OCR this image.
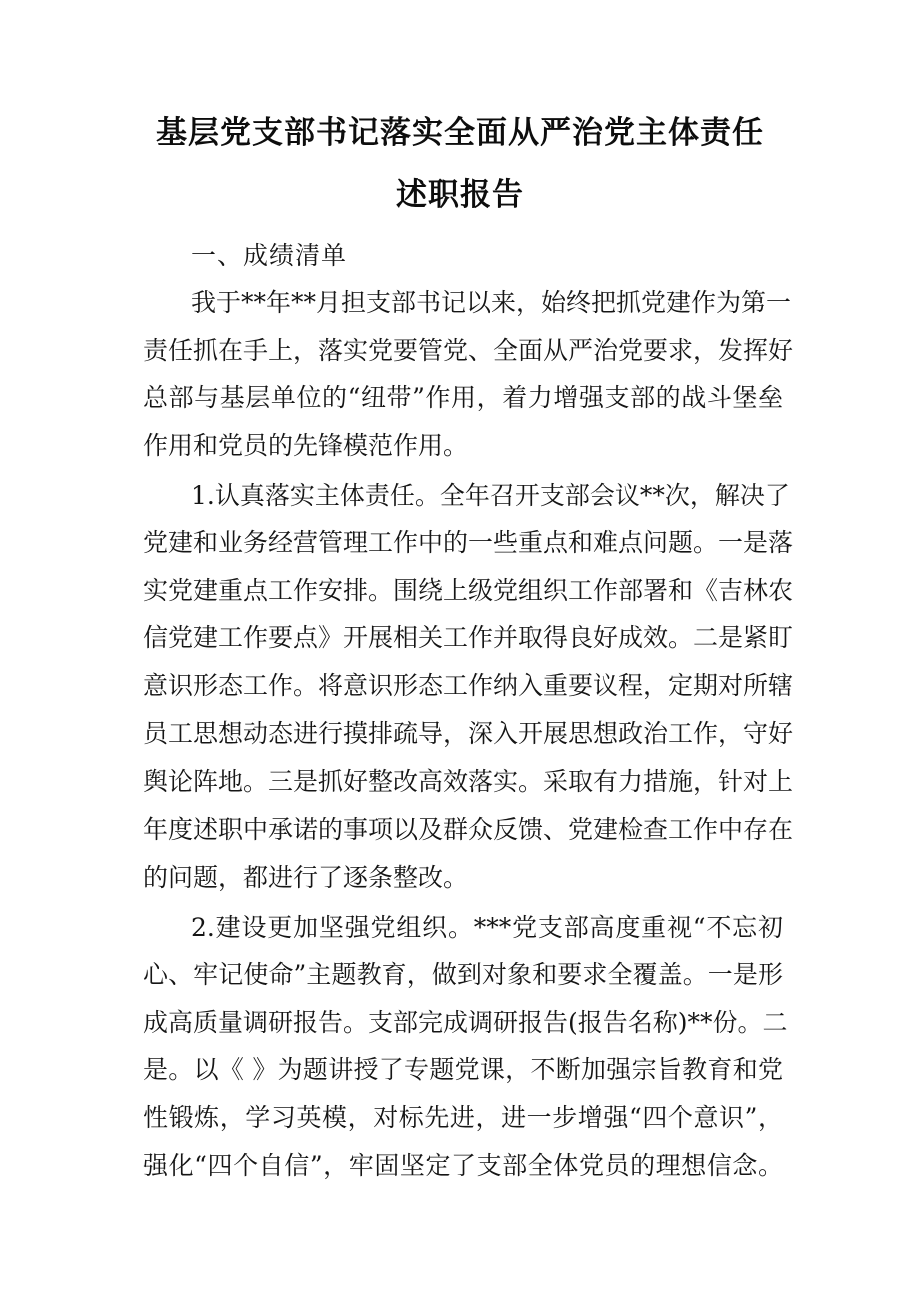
基层党支部书记落实全面从严治党主体责任
述职报告
一、成绩清单
我于**年**月担支部书记以来，始终把抓党建作为第一
责任抓在手上，落实党要管党、全面从严治党要求，发挥好
总部与基层单位的“纽带”作用，着力增强支部的战斗堡垒
作用和党员的先锋模范作用。
1.认真落实主体责任。全年召开支部会议**次，解决了
党建和业务经营管理工作中的一些重点和难点问题。一是落
实党建重点工作安排。围绕上级党组织工作部署和《吉林农
信党建工作要点》开展相关工作并取得良好成效。二是紧盯
意识形态工作。将意识形态工作纳入重要议程，定期对所辖
员工思想动态进行摸排疏导，深入开展思想政治工作，守好
舆论阵地。三是抓好整改高效落实。采取有力措施，针对上
年度述职中承诺的事项以及群众反馈、党建检查工作中存在
的问题，都进行了逐条整改。
2.建设更加坚强党组织。***党支部高度重视“不忘初
心、牢记使命”主题教育，做到对象和要求全覆盖。一是形
成高质量调研报告。支部完成调研报告(报告名称)**份。二
是。以《 》为题讲授了专题党课，不断加强宗旨教育和党
性锻炼，学习英模，对标先进，进一步增强“四个意识”，
强化“四个自信”，牢固坚定了支部全体党员的理想信念。
